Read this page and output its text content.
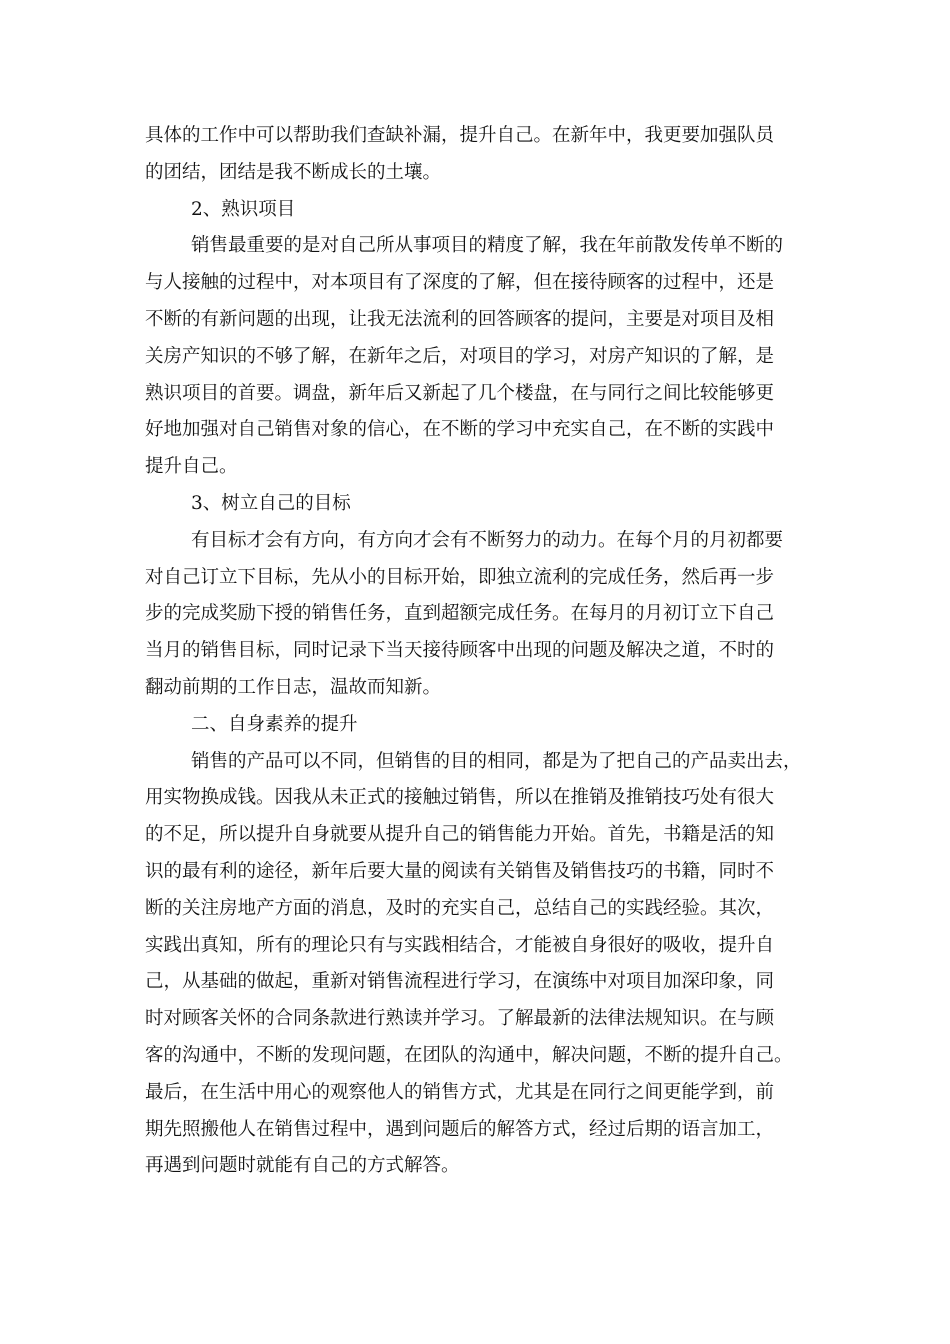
具体的工作中可以帮助我们查缺补漏，提升自己。在新年中，我更要加强队员
的团结，团结是我不断成长的土壤。
2、熟识项目
销售最重要的是对自己所从事项目的精度了解，我在年前散发传单不断的
与人接触的过程中，对本项目有了深度的了解，但在接待顾客的过程中，还是
不断的有新问题的出现，让我无法流利的回答顾客的提问，主要是对项目及相
关房产知识的不够了解，在新年之后，对项目的学习，对房产知识的了解，是
熟识项目的首要。调盘，新年后又新起了几个楼盘，在与同行之间比较能够更
好地加强对自己销售对象的信心，在不断的学习中充实自己，在不断的实践中
提升自己。
3、树立自己的目标
有目标才会有方向，有方向才会有不断努力的动力。在每个月的月初都要
对自己订立下目标，先从小的目标开始，即独立流利的完成任务，然后再一步
步的完成奖励下授的销售任务，直到超额完成任务。在每月的月初订立下自己
当月的销售目标，同时记录下当天接待顾客中出现的问题及解决之道，不时的
翻动前期的工作日志，温故而知新。
二、自身素养的提升
销售的产品可以不同，但销售的目的相同，都是为了把自己的产品卖出去，
用实物换成钱。因我从未正式的接触过销售，所以在推销及推销技巧处有很大
的不足，所以提升自身就要从提升自己的销售能力开始。首先，书籍是活的知
识的最有利的途径，新年后要大量的阅读有关销售及销售技巧的书籍，同时不
断的关注房地产方面的消息，及时的充实自己，总结自己的实践经验。其次，
实践出真知，所有的理论只有与实践相结合，才能被自身很好的吸收，提升自
己，从基础的做起，重新对销售流程进行学习，在演练中对项目加深印象，同
时对顾客关怀的合同条款进行熟读并学习。了解最新的法律法规知识。在与顾
客的沟通中，不断的发现问题，在团队的沟通中，解决问题，不断的提升自己。
最后，在生活中用心的观察他人的销售方式，尤其是在同行之间更能学到，前
期先照搬他人在销售过程中，遇到问题后的解答方式，经过后期的语言加工，
再遇到问题时就能有自己的方式解答。
